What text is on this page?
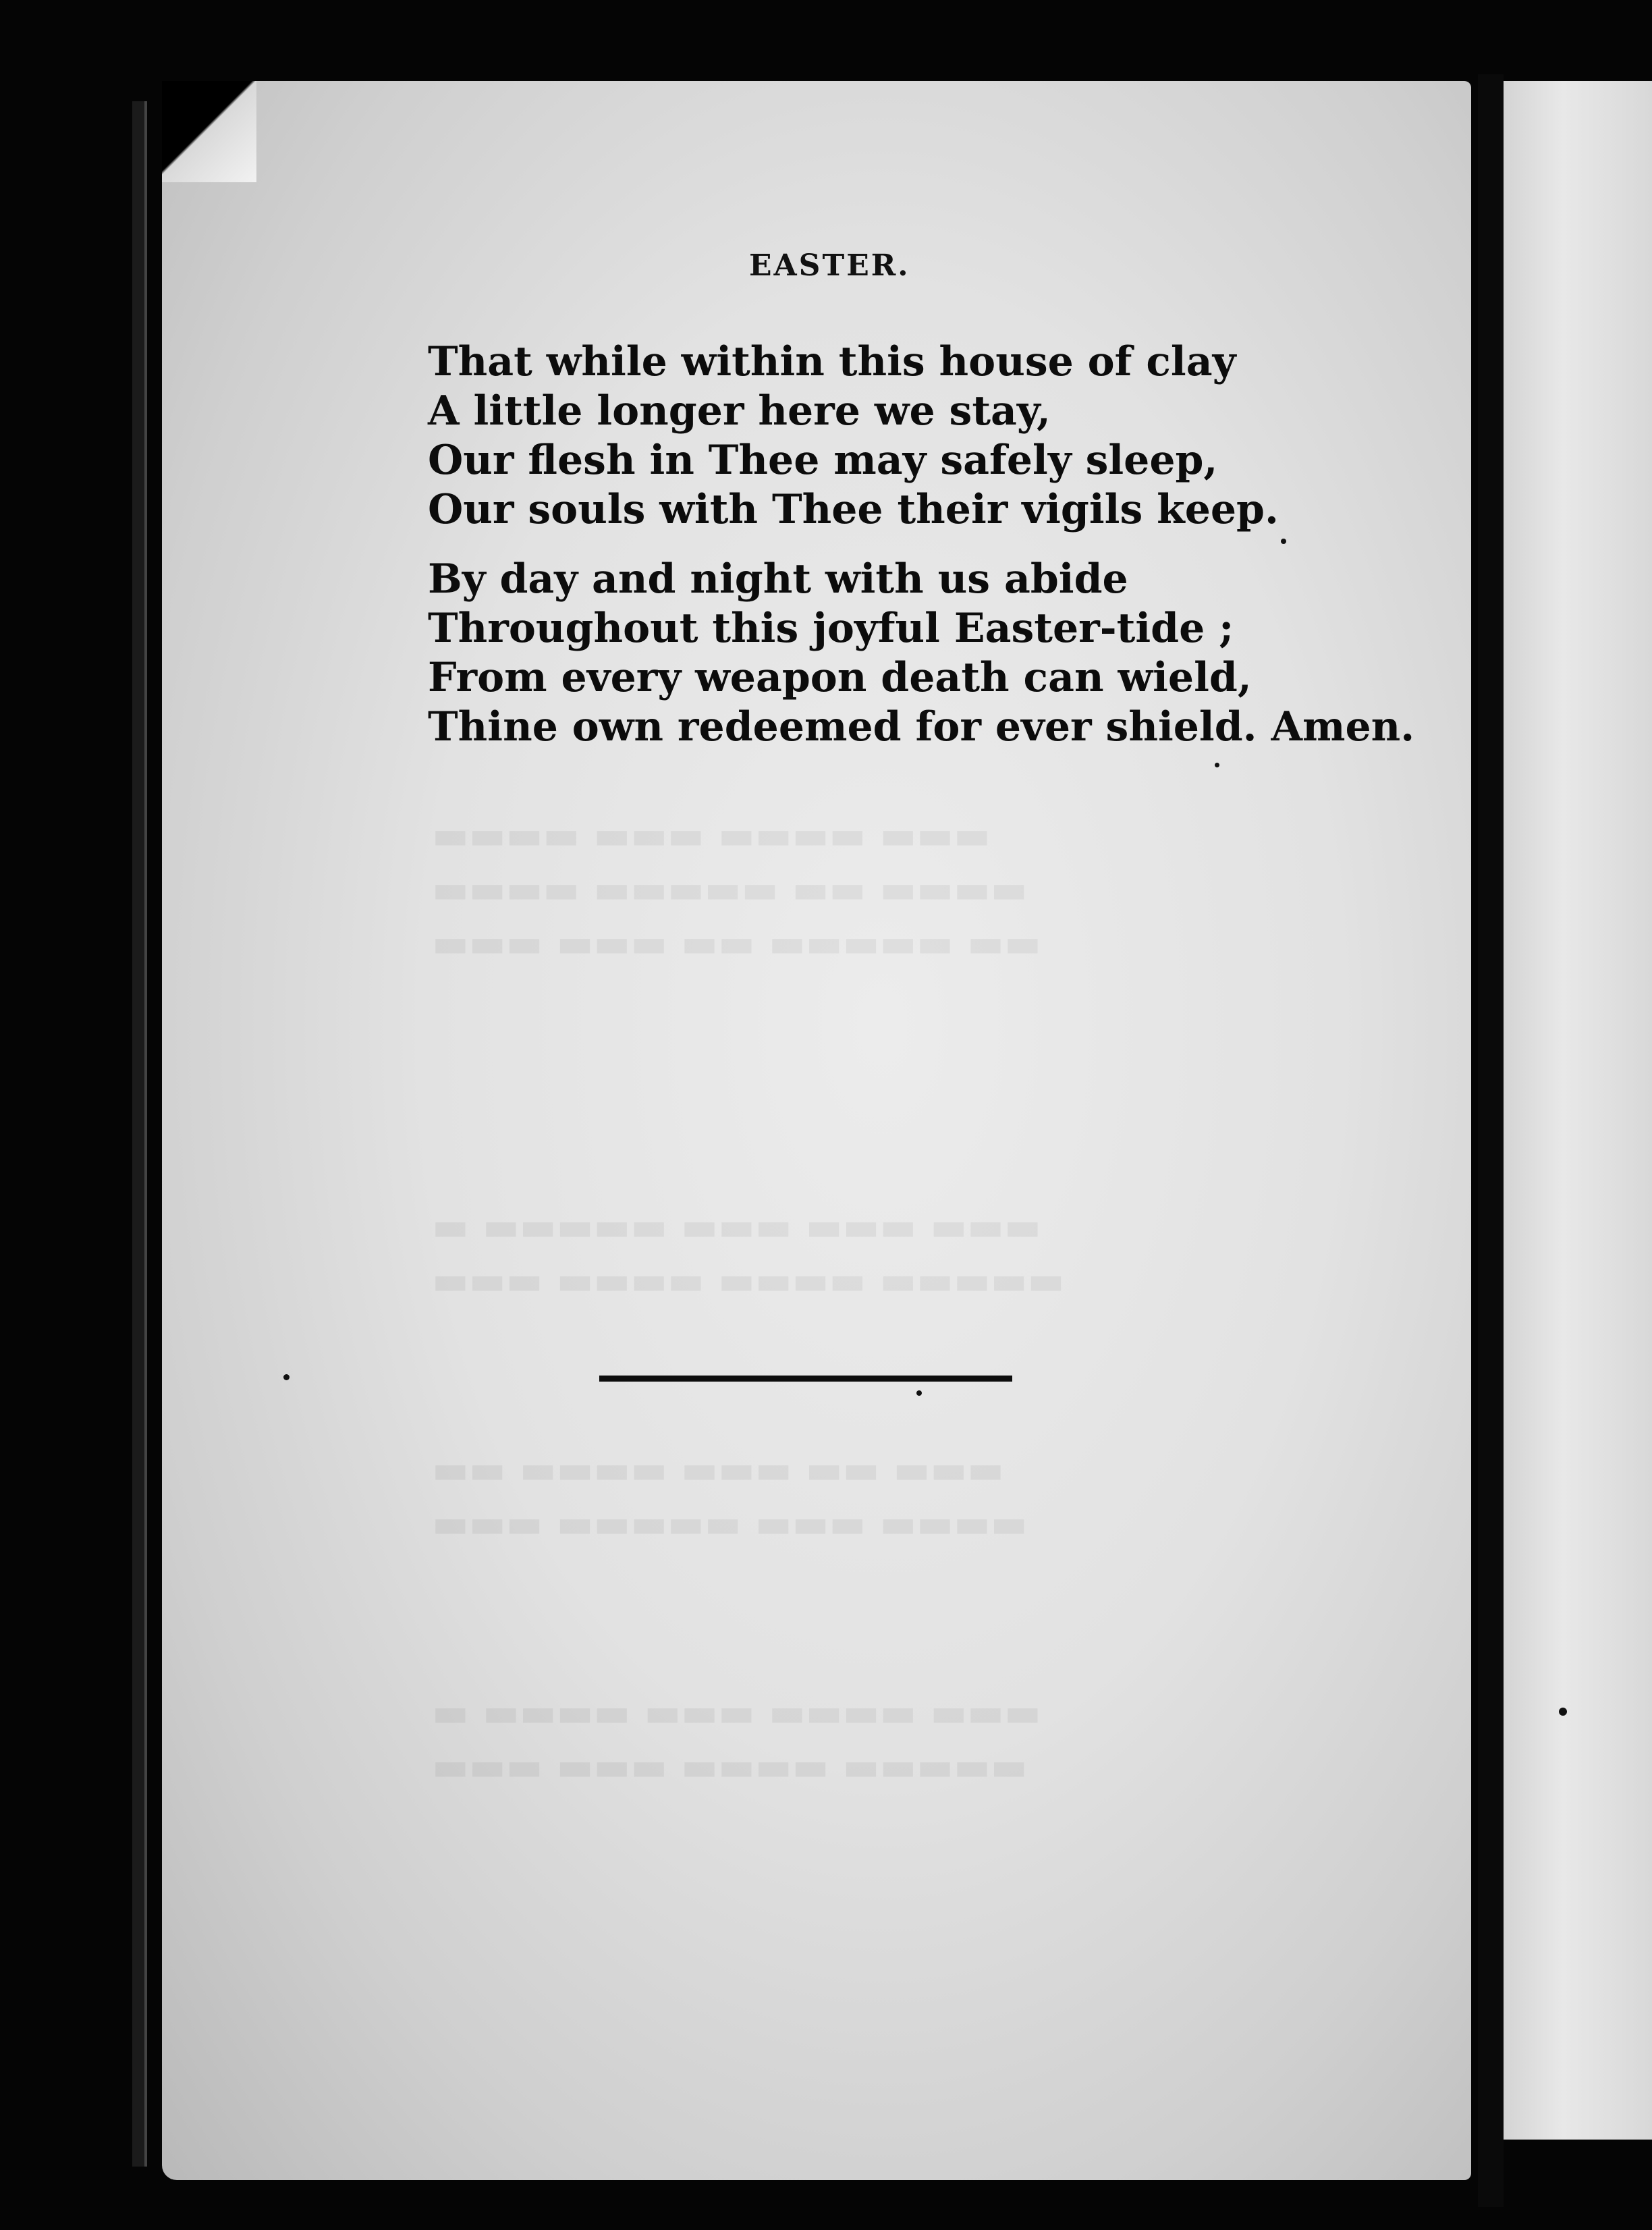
▬▬▬▬ ▬▬▬ ▬▬▬▬ ▬▬▬
▬▬▬▬ ▬▬▬▬▬ ▬▬ ▬▬▬▬
▬▬▬ ▬▬▬ ▬▬ ▬▬▬▬▬ ▬▬
▬ ▬▬▬▬▬ ▬▬▬ ▬▬▬ ▬▬▬
▬▬▬ ▬▬▬▬ ▬▬▬▬ ▬▬▬▬▬
▬▬ ▬▬▬▬ ▬▬▬ ▬▬ ▬▬▬
▬▬▬ ▬▬▬▬▬ ▬▬▬ ▬▬▬▬
▬ ▬▬▬▬ ▬▬▬ ▬▬▬▬ ▬▬▬
▬▬▬ ▬▬▬ ▬▬▬▬ ▬▬▬▬▬
EASTER.
That while within this house of clay
A little longer here we stay,
Our flesh in Thee may safely sleep,
Our souls with Thee their vigils keep.
By day and night with us abide
Throughout this joyful Easter-tide ;
From every weapon death can wield,
Thine own redeemed for ever shield. Amen.
